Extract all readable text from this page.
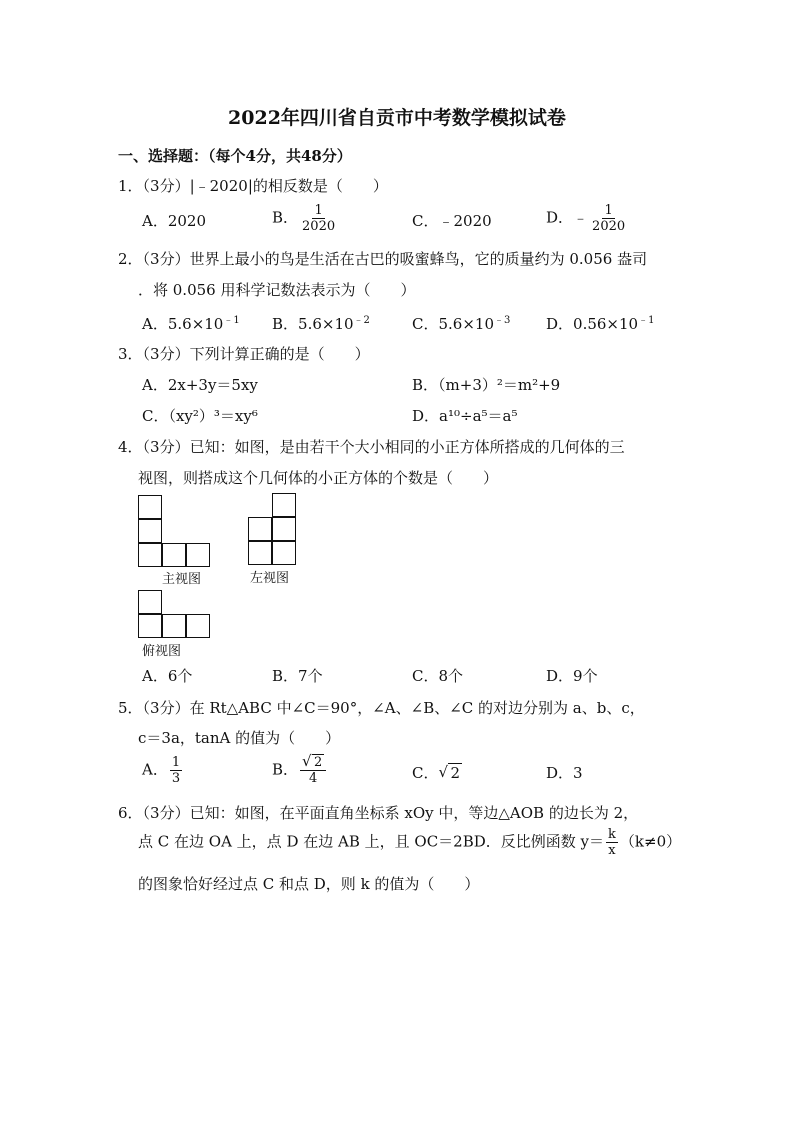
2022年四川省自贡市中考数学模拟试卷
一、选择题：（每个4分，共48分）
1．（3分）|﹣2020|的相反数是（　　）
A．2020	B． $\frac{1}{2020}$	C．﹣2020	D．﹣ $\frac{1}{2020}$
2．（3分）世界上最小的鸟是生活在古巴的吸蜜蜂鸟，它的质量约为 0.056 盎司
．将 0.056 用科学记数法表示为（　　）
A．$5.6\times 10^{﹣1}$ B．$5.6\times 10^{﹣2}$	C．$5.6\times 10^{﹣3}$ D．$0.56\times 10^{﹣1}$
3．（3分）下列计算正确的是（　　）
A．2x+3y＝5xy	B．（m+3）²＝m²+9
C．（xy²）³＝xy⁶	D．a¹⁰÷a⁵＝a⁵
4．（3分）已知：如图，是由若干个大小相同的小正方体所搭成的几何体的三
视图，则搭成这个几何体的小正方体的个数是（　　）
主视图	左视图
俯视图
A．6个	B．7个	C．8个	D．9个
5．（3分）在 Rt△ABC 中∠C＝90°，∠A、∠B、∠C 的对边分别为 a、b、c，
c＝3a，tanA 的值为（　　）
A． $\frac{1}{3}$	B． √ $\frac{2}{4}$	C． √ 2	D．3
6．（3分）已知：如图，在平面直角坐标系 xOy 中，等边△AOB 的边长为 2，
点 C 在边 OA 上，点 D 在边 AB 上，且 OC＝2BD．反比例函数 $y= \frac{k}{x} (k\ne 0)$
的图象恰好经过点 C 和点 D，则 k 的值为（　　）
